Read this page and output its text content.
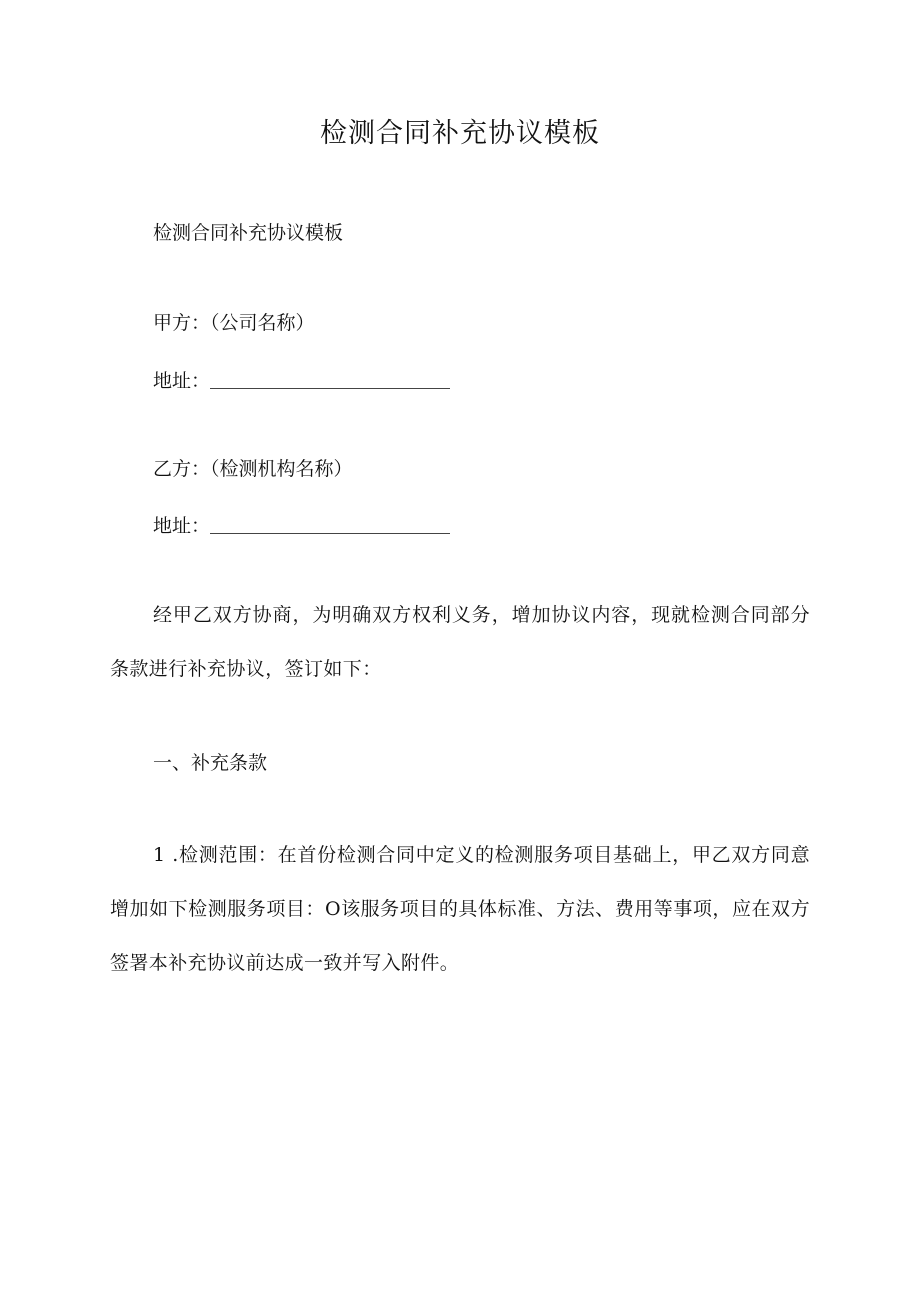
检测合同补充协议模板
检测合同补充协议模板
甲方：（公司名称）
地址：
乙方：（检测机构名称）
地址：
经甲乙双方协商，为明确双方权利义务，增加协议内容，现就检测合同部分条款进行补充协议，签订如下：
一、补充条款
1 .检测范围：在首份检测合同中定义的检测服务项目基础上，甲乙双方同意增加如下检测服务项目：O该服务项目的具体标准、方法、费用等事项，应在双方签署本补充协议前达成一致并写入附件。
